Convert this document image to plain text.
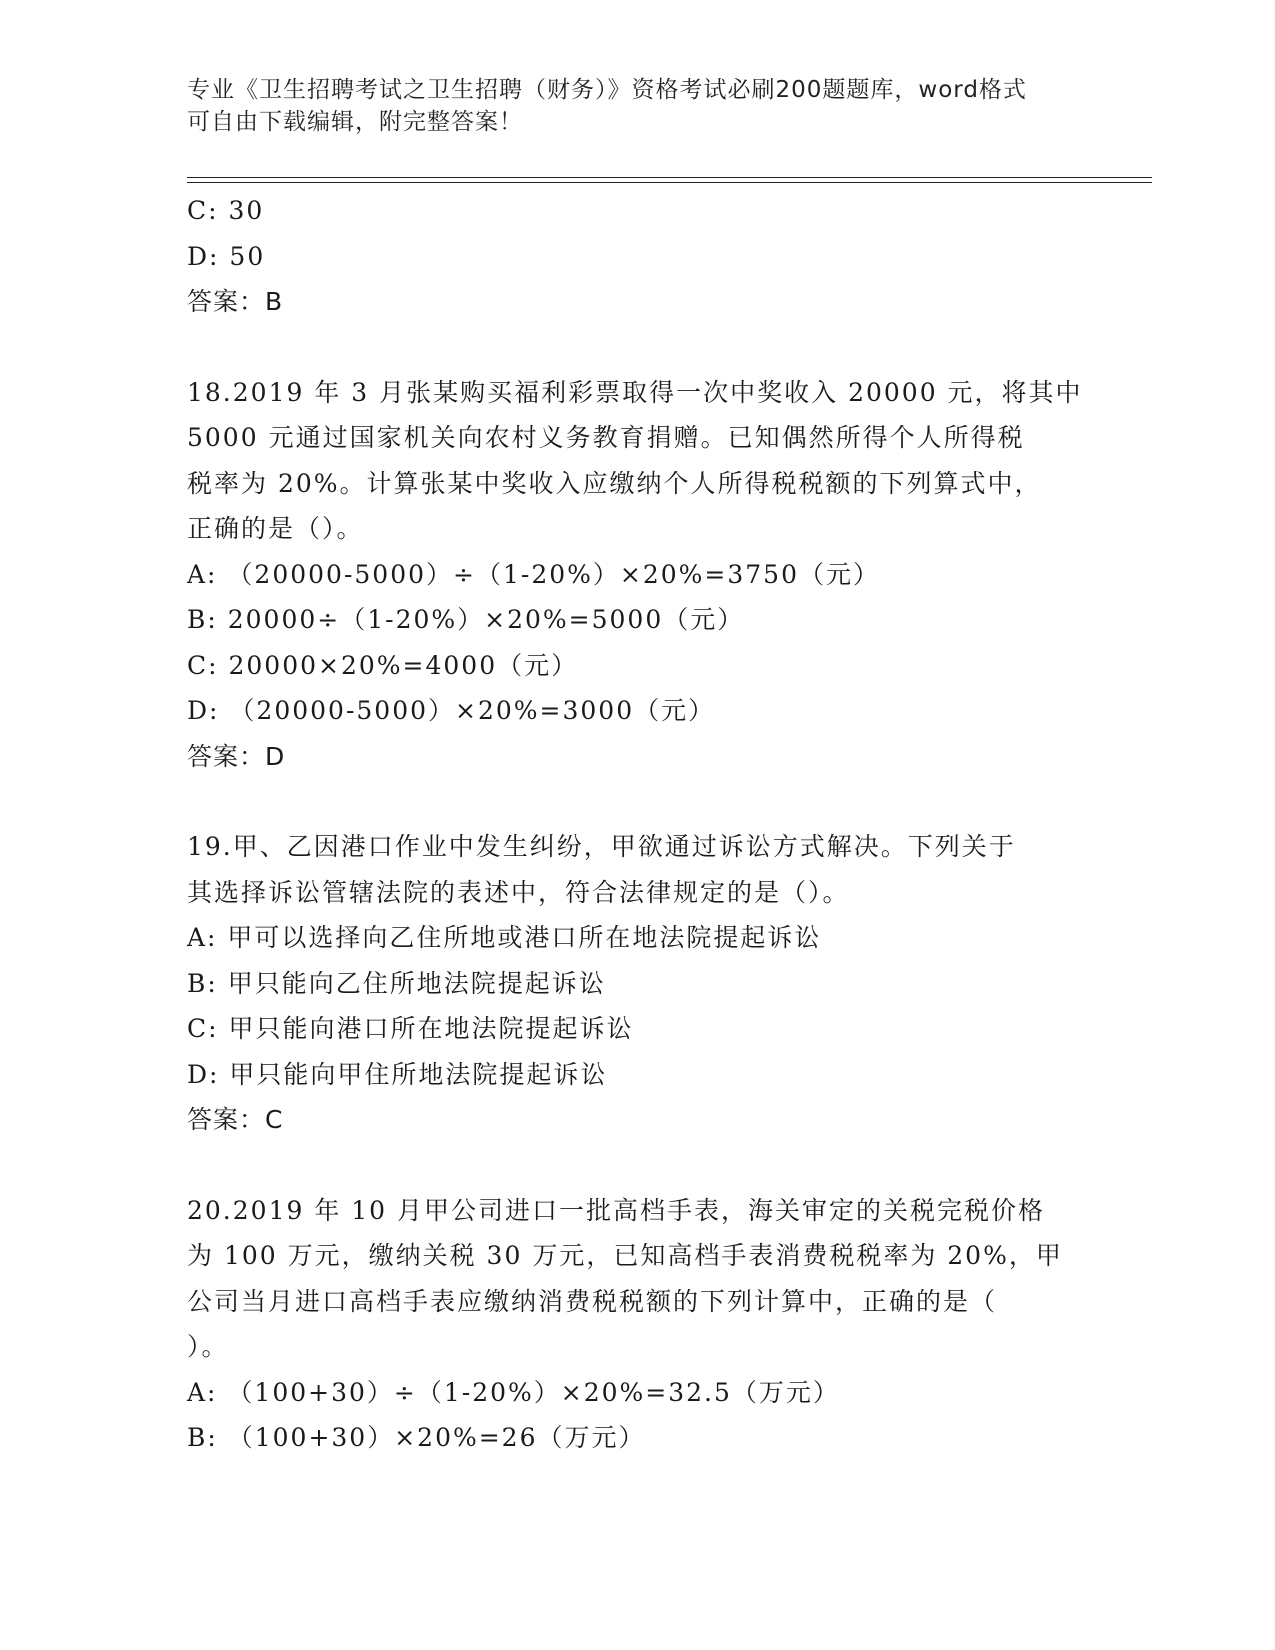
专业《卫生招聘考试之卫生招聘（财务）》资格考试必刷200题题库，word格式
可自由下载编辑，附完整答案！
C: 30
D: 50
答案：B
18.2019 年 3 月张某购买福利彩票取得一次中奖收入 20000 元，将其中
5000 元通过国家机关向农村义务教育捐赠。已知偶然所得个人所得税
税率为 20%。计算张某中奖收入应缴纳个人所得税税额的下列算式中，
正确的是（）。
A: （20000-5000）÷（1-20%）×20%=3750（元）
B: 20000÷（1-20%）×20%=5000（元）
C: 20000×20%=4000（元）
D: （20000-5000）×20%=3000（元）
答案：D
19.甲、乙因港口作业中发生纠纷，甲欲通过诉讼方式解决。下列关于
其选择诉讼管辖法院的表述中，符合法律规定的是（）。
A: 甲可以选择向乙住所地或港口所在地法院提起诉讼
B: 甲只能向乙住所地法院提起诉讼
C: 甲只能向港口所在地法院提起诉讼
D: 甲只能向甲住所地法院提起诉讼
答案：C
20.2019 年 10 月甲公司进口一批高档手表，海关审定的关税完税价格
为 100 万元，缴纳关税 30 万元，已知高档手表消费税税率为 20%，甲
公司当月进口高档手表应缴纳消费税税额的下列计算中，正确的是（
）。
A: （100+30）÷（1-20%）×20%=32.5（万元）
B: （100+30）×20%=26（万元）
